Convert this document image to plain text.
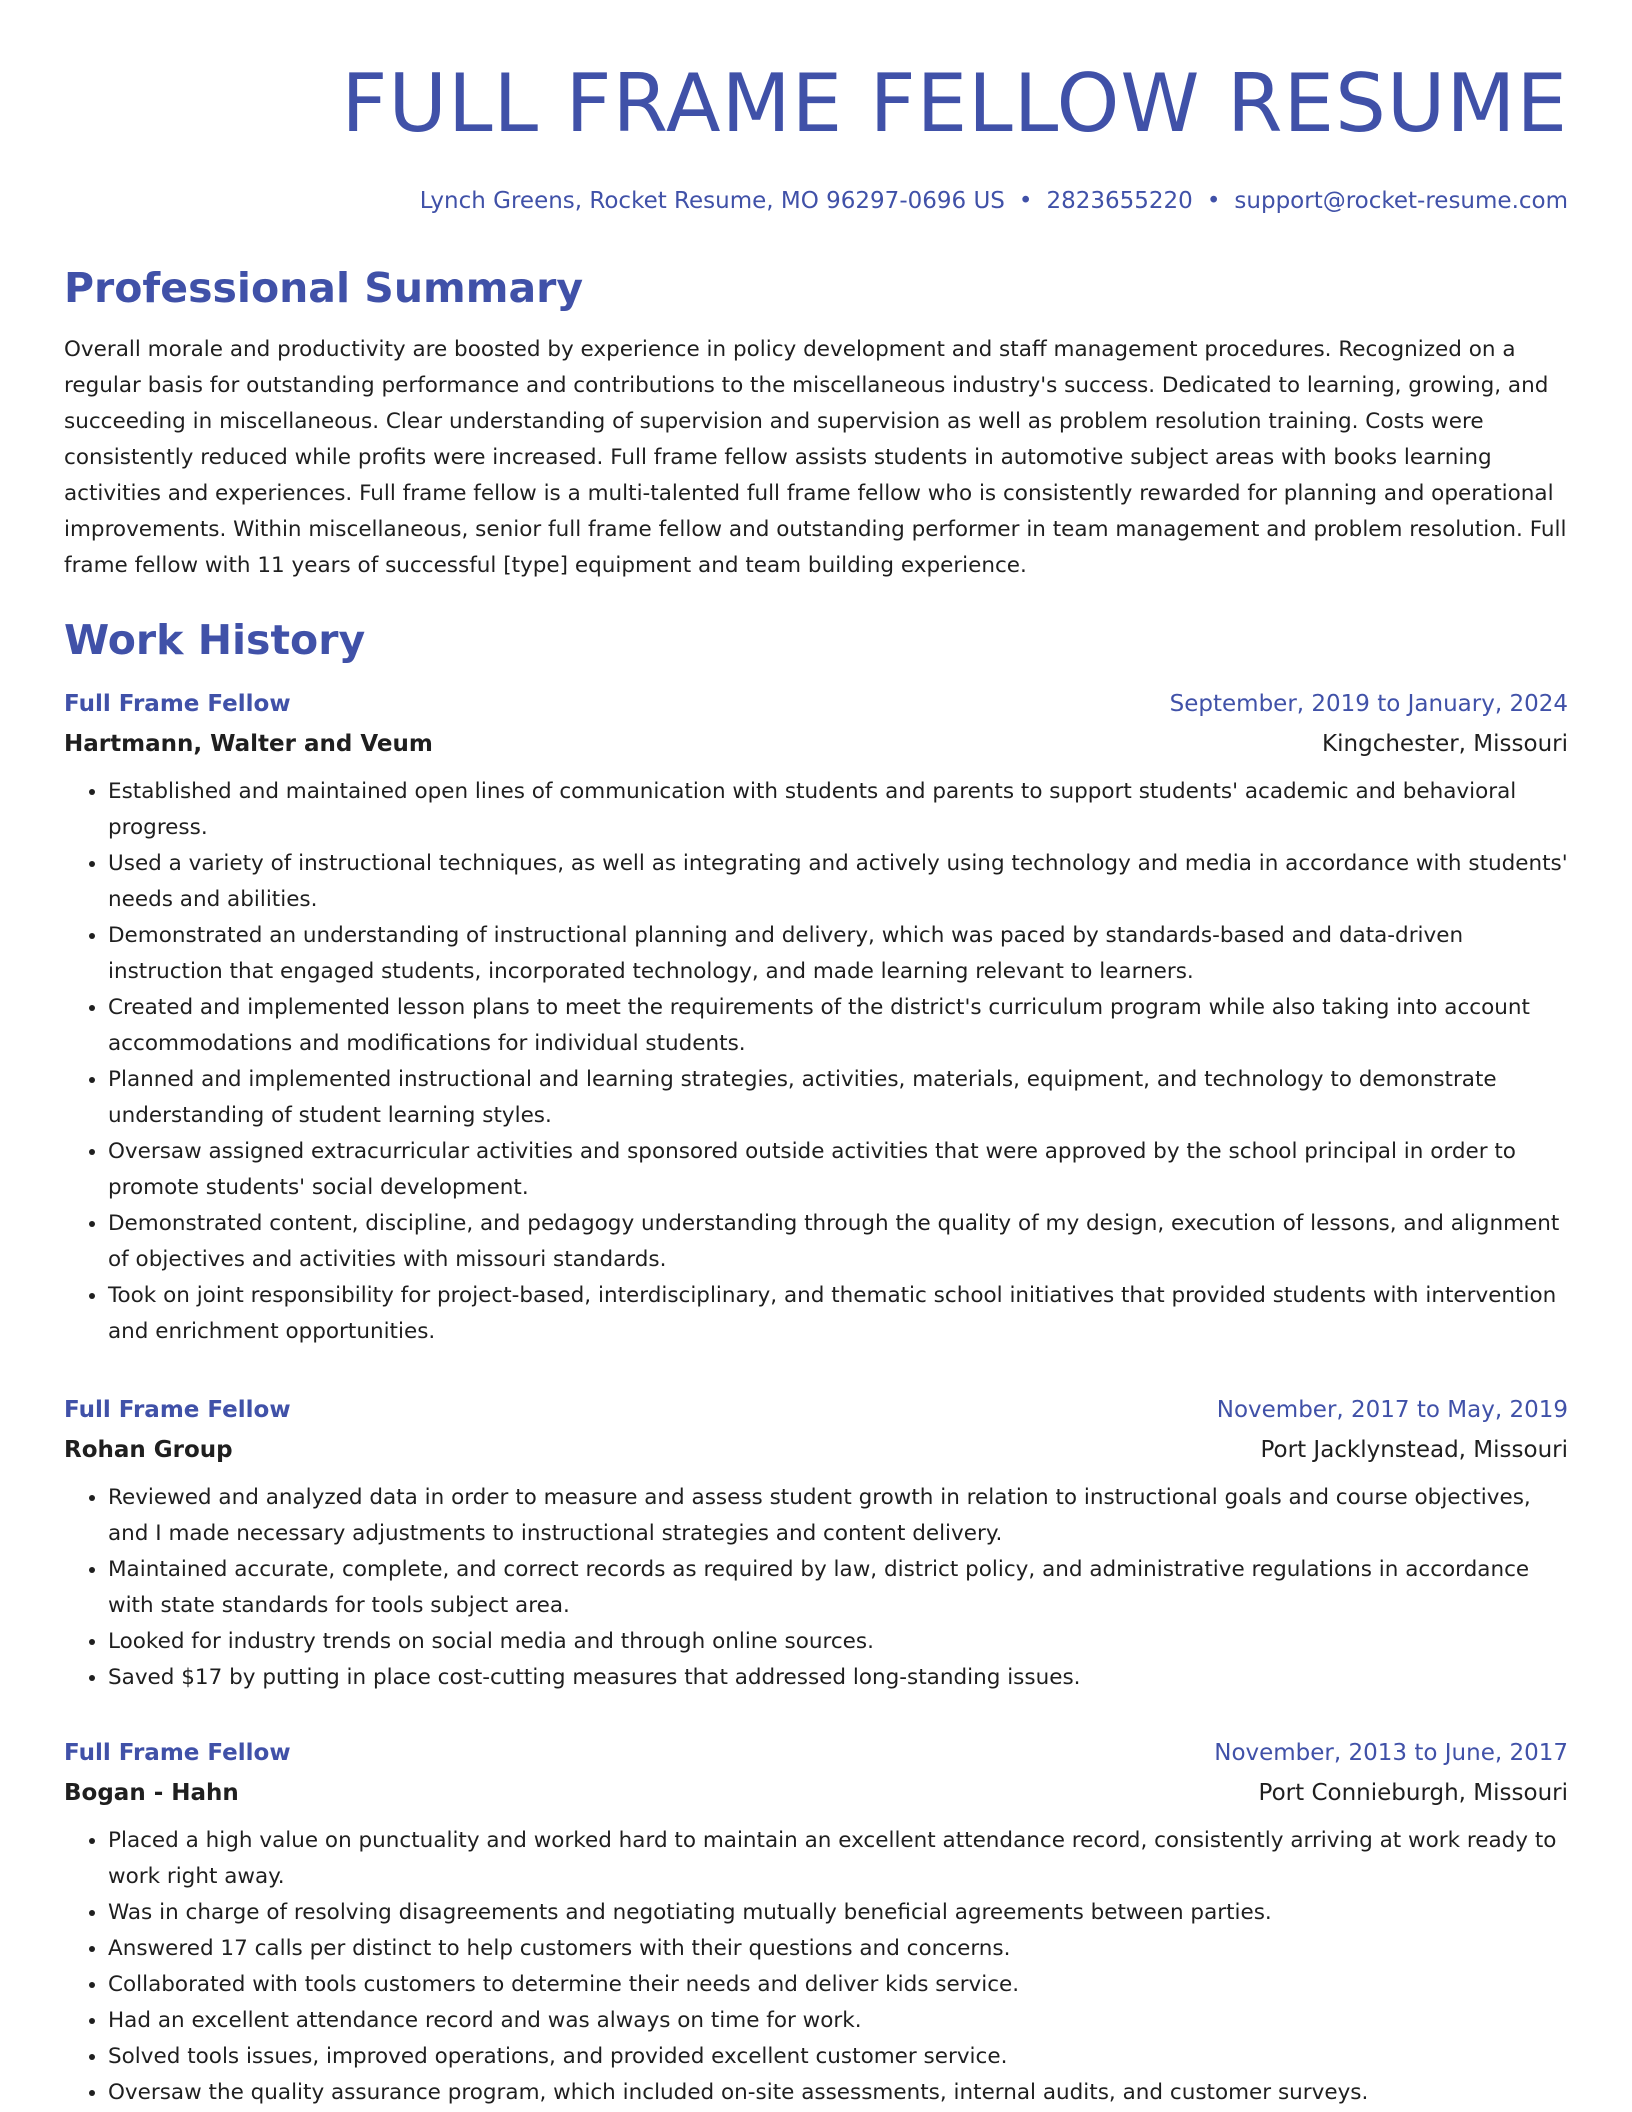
FULL FRAME FELLOW RESUME
Lynch Greens, Rocket Resume, MO 96297-0696 US • 2823655220 • support@rocket-resume.com
Professional Summary

Overall morale and productivity are boosted by experience in policy development and staff management procedures. Recognized on a regular basis for outstanding performance and contributions to the miscellaneous industry's success. Dedicated to learning, growing, and succeeding in miscellaneous. Clear understanding of supervision and supervision as well as problem resolution training. Costs were consistently reduced while profits were increased. Full frame fellow assists students in automotive subject areas with books learning activities and experiences. Full frame fellow is a multi-talented full frame fellow who is consistently rewarded for planning and operational improvements. Within miscellaneous, senior full frame fellow and outstanding performer in team management and problem resolution. Full frame fellow with 11 years of successful [type] equipment and team building experience.

Work History
Full Frame Fellow	September, 2019 to January, 2024
Hartmann, Walter and Veum	Kingchester, Missouri
• Established and maintained open lines of communication with students and parents to support students' academic and behavioral progress.
• Used a variety of instructional techniques, as well as integrating and actively using technology and media in accordance with students' needs and abilities.
• Demonstrated an understanding of instructional planning and delivery, which was paced by standards-based and data-driven instruction that engaged students, incorporated technology, and made learning relevant to learners.
• Created and implemented lesson plans to meet the requirements of the district's curriculum program while also taking into account accommodations and modifications for individual students.
• Planned and implemented instructional and learning strategies, activities, materials, equipment, and technology to demonstrate understanding of student learning styles.
• Oversaw assigned extracurricular activities and sponsored outside activities that were approved by the school principal in order to promote students' social development.
• Demonstrated content, discipline, and pedagogy understanding through the quality of my design, execution of lessons, and alignment of objectives and activities with missouri standards.
• Took on joint responsibility for project-based, interdisciplinary, and thematic school initiatives that provided students with intervention and enrichment opportunities.
Full Frame Fellow	November, 2017 to May, 2019
Rohan Group	Port Jacklynstead, Missouri
• Reviewed and analyzed data in order to measure and assess student growth in relation to instructional goals and course objectives, and I made necessary adjustments to instructional strategies and content delivery.
• Maintained accurate, complete, and correct records as required by law, district policy, and administrative regulations in accordance with state standards for tools subject area.
• Looked for industry trends on social media and through online sources.
• Saved $17 by putting in place cost-cutting measures that addressed long-standing issues.
Full Frame Fellow	November, 2013 to June, 2017
Bogan - Hahn	Port Connieburgh, Missouri
• Placed a high value on punctuality and worked hard to maintain an excellent attendance record, consistently arriving at work ready to work right away.
• Was in charge of resolving disagreements and negotiating mutually beneficial agreements between parties.
• Answered 17 calls per distinct to help customers with their questions and concerns.
• Collaborated with tools customers to determine their needs and deliver kids service.
• Had an excellent attendance record and was always on time for work.
• Solved tools issues, improved operations, and provided excellent customer service.
• Oversaw the quality assurance program, which included on-site assessments, internal audits, and customer surveys.
